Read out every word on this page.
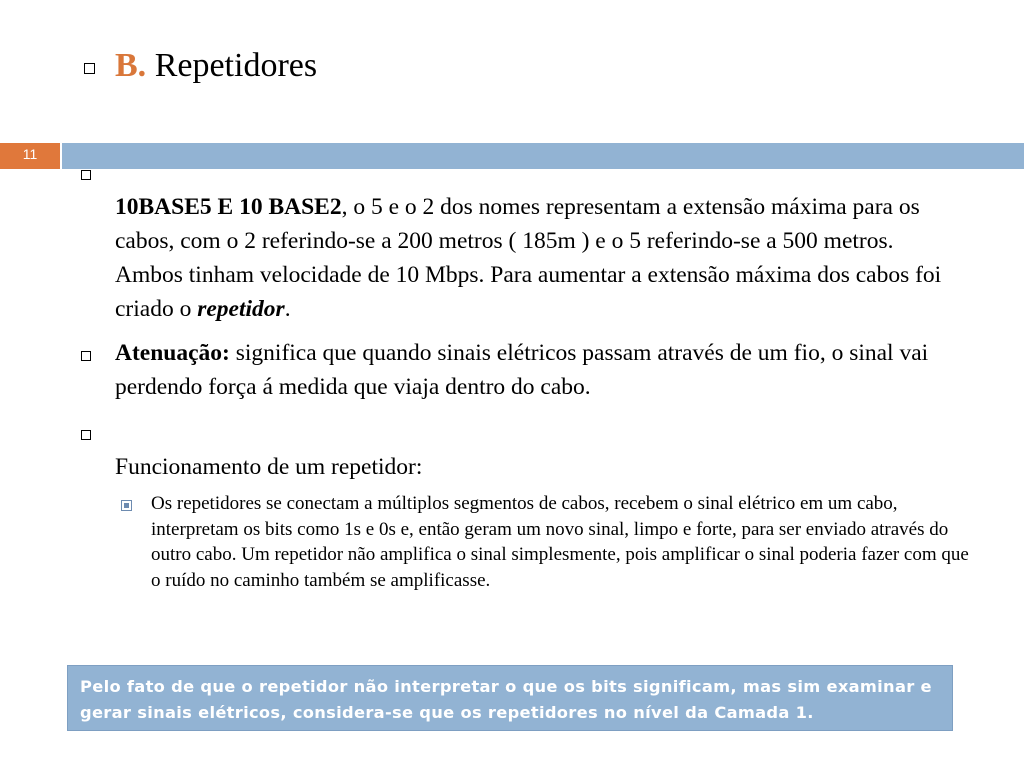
B. Repetidores
11
10BASE5 E 10 BASE2, o 5 e o 2 dos nomes representam a extensão máxima para os cabos, com o 2 referindo-se a 200 metros ( 185m ) e o 5 referindo-se a 500 metros. Ambos tinham velocidade de 10 Mbps. Para aumentar a extensão máxima dos cabos foi criado o repetidor.
Atenuação: significa que quando sinais elétricos passam através de um fio, o sinal vai perdendo força á medida que viaja dentro do cabo.
Funcionamento de um repetidor:
Os repetidores se conectam a múltiplos segmentos de cabos, recebem o sinal elétrico em um cabo, interpretam os bits como 1s e 0s e, então geram um novo sinal, limpo e forte, para ser enviado através do outro cabo. Um repetidor não amplifica o sinal simplesmente, pois amplificar o sinal poderia fazer com que o ruído no caminho também se amplificasse.
Pelo fato de que o repetidor não interpretar o que os bits significam, mas sim examinar e gerar sinais elétricos, considera-se que os repetidores no nível da Camada 1.
